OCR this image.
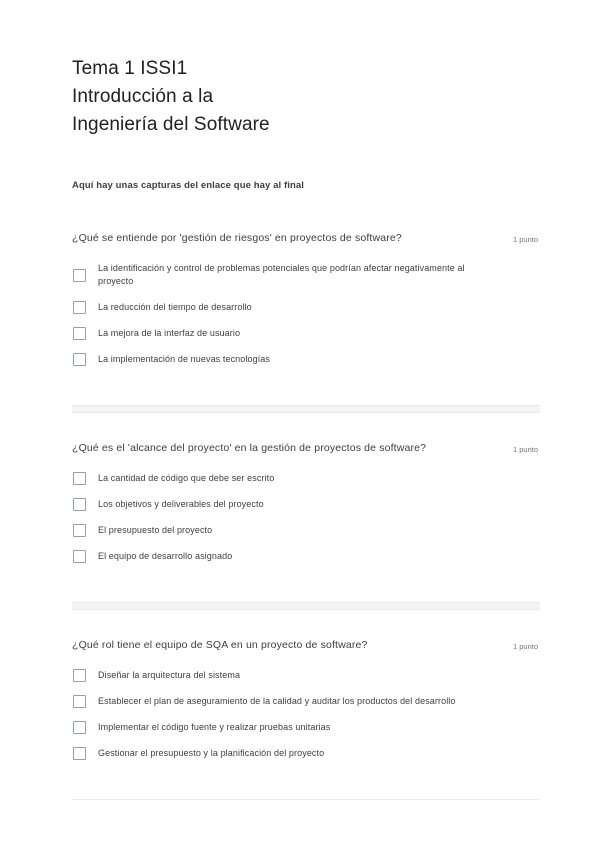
Tema 1 ISSI1
Introducción a la
Ingeniería del Software
Aquí hay unas capturas del enlace que hay al final
¿Qué se entiende por 'gestión de riesgos' en proyectos de software?	1 punto
La identificación y control de problemas potenciales que podrían afectar negativamente al proyecto
La reducción del tiempo de desarrollo
La mejora de la interfaz de usuario
La implementación de nuevas tecnologías
¿Qué es el 'alcance del proyecto' en la gestión de proyectos de software?	1 punto
La cantidad de código que debe ser escrito
Los objetivos y deliverables del proyecto
El presupuesto del proyecto
El equipo de desarrollo asignado
¿Qué rol tiene el equipo de SQA en un proyecto de software?	1 punto
Diseñar la arquitectura del sistema
Establecer el plan de aseguramiento de la calidad y auditar los productos del desarrollo
Implementar el código fuente y realizar pruebas unitarias
Gestionar el presupuesto y la planificación del proyecto
